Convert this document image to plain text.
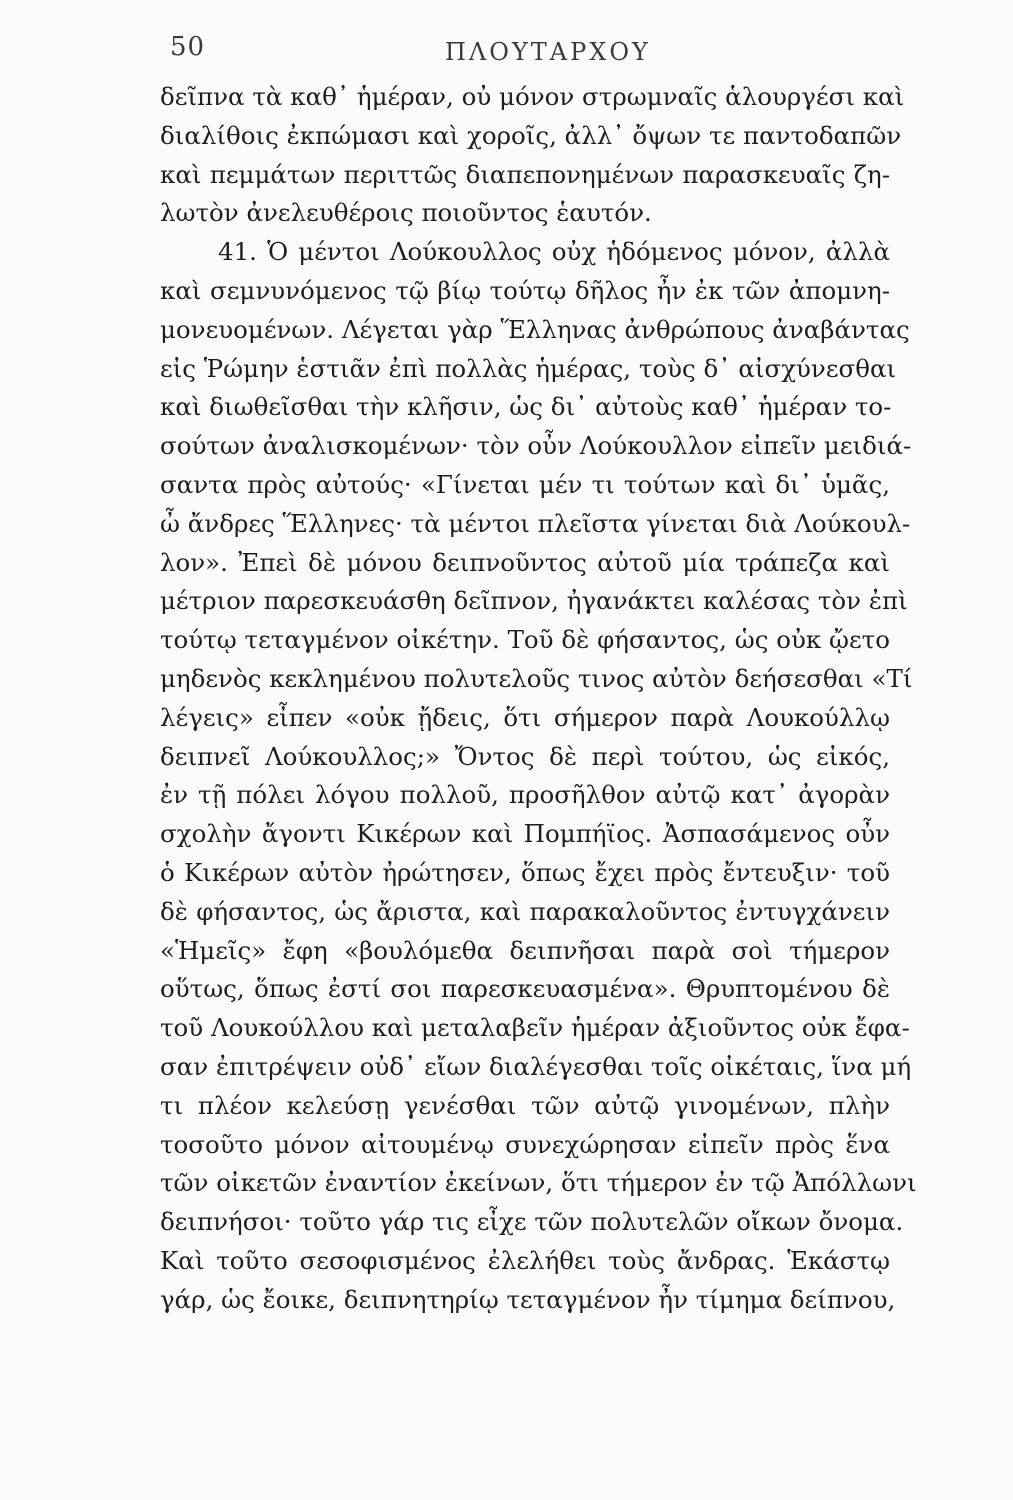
50	ΠΛΟΥΤΑΡΧΟΥ
δεῖπνα τὰ καθ᾽ ἡμέραν, οὐ μόνον στρωμναῖς ἁλουργέσι καὶ
διαλίθοις ἐκπώμασι καὶ χοροῖς, ἀλλ᾽ ὄψων τε παντοδαπῶν
καὶ πεμμάτων περιττῶς διαπεπονημένων παρασκευαῖς ζη-
λωτὸν ἀνελευθέροις ποιοῦντος ἑαυτόν.
41. Ὁ μέντοι Λούκουλλος οὐχ ἡδόμενος μόνον, ἀλλὰ
καὶ σεμνυνόμενος τῷ βίῳ τούτῳ δῆλος ἦν ἐκ τῶν ἀπομνη-
μονευομένων. Λέγεται γὰρ Ἕλληνας ἀνθρώπους ἀναβάντας
εἰς Ῥώμην ἑστιᾶν ἐπὶ πολλὰς ἡμέρας, τοὺς δ᾽ αἰσχύνεσθαι
καὶ διωθεῖσθαι τὴν κλῆσιν, ὡς δι᾽ αὐτοὺς καθ᾽ ἡμέραν το-
σούτων ἀναλισκομένων· τὸν οὖν Λούκουλλον εἰπεῖν μειδιά-
σαντα πρὸς αὐτούς· «Γίνεται μέν τι τούτων καὶ δι᾽ ὑμᾶς,
ὦ ἄνδρες Ἕλληνες· τὰ μέντοι πλεῖστα γίνεται διὰ Λούκουλ-
λον». Ἐπεὶ δὲ μόνου δειπνοῦντος αὐτοῦ μία τράπεζα καὶ
μέτριον παρεσκευάσθη δεῖπνον, ἠγανάκτει καλέσας τὸν ἐπὶ
τούτῳ τεταγμένον οἰκέτην. Τοῦ δὲ φήσαντος, ὡς οὐκ ᾤετο
μηδενὸς κεκλημένου πολυτελοῦς τινος αὐτὸν δεήσεσθαι «Τί
λέγεις» εἶπεν «οὐκ ᾔδεις, ὅτι σήμερον παρὰ Λουκούλλῳ
δειπνεῖ Λούκουλλος;» Ὄντος δὲ περὶ τούτου, ὡς εἰκός,
ἐν τῇ πόλει λόγου πολλοῦ, προσῆλθον αὐτῷ κατ᾽ ἀγορὰν
σχολὴν ἄγοντι Κικέρων καὶ Πομπήϊος. Ἀσπασάμενος οὖν
ὁ Κικέρων αὐτὸν ἠρώτησεν, ὅπως ἔχει πρὸς ἔντευξιν· τοῦ
δὲ φήσαντος, ὡς ἄριστα, καὶ παρακαλοῦντος ἐντυγχάνειν
«Ἡμεῖς» ἔφη «βουλόμεθα δειπνῆσαι παρὰ σοὶ τήμερον
οὕτως, ὅπως ἐστί σοι παρεσκευασμένα». Θρυπτομένου δὲ
τοῦ Λουκούλλου καὶ μεταλαβεῖν ἡμέραν ἀξιοῦντος οὐκ ἔφα-
σαν ἐπιτρέψειν οὐδ᾽ εἴων διαλέγεσθαι τοῖς οἰκέταις, ἵνα μή
τι πλέον κελεύσῃ γενέσθαι τῶν αὐτῷ γινομένων, πλὴν
τοσοῦτο μόνον αἰτουμένῳ συνεχώρησαν εἰπεῖν πρὸς ἕνα
τῶν οἰκετῶν ἐναντίον ἐκείνων, ὅτι τήμερον ἐν τῷ Ἀπόλλωνι
δειπνήσοι· τοῦτο γάρ τις εἶχε τῶν πολυτελῶν οἴκων ὄνομα.
Καὶ τοῦτο σεσοφισμένος ἐλελήθει τοὺς ἄνδρας. Ἑκάστῳ
γάρ, ὡς ἔοικε, δειπνητηρίῳ τεταγμένον ἦν τίμημα δείπνου,
